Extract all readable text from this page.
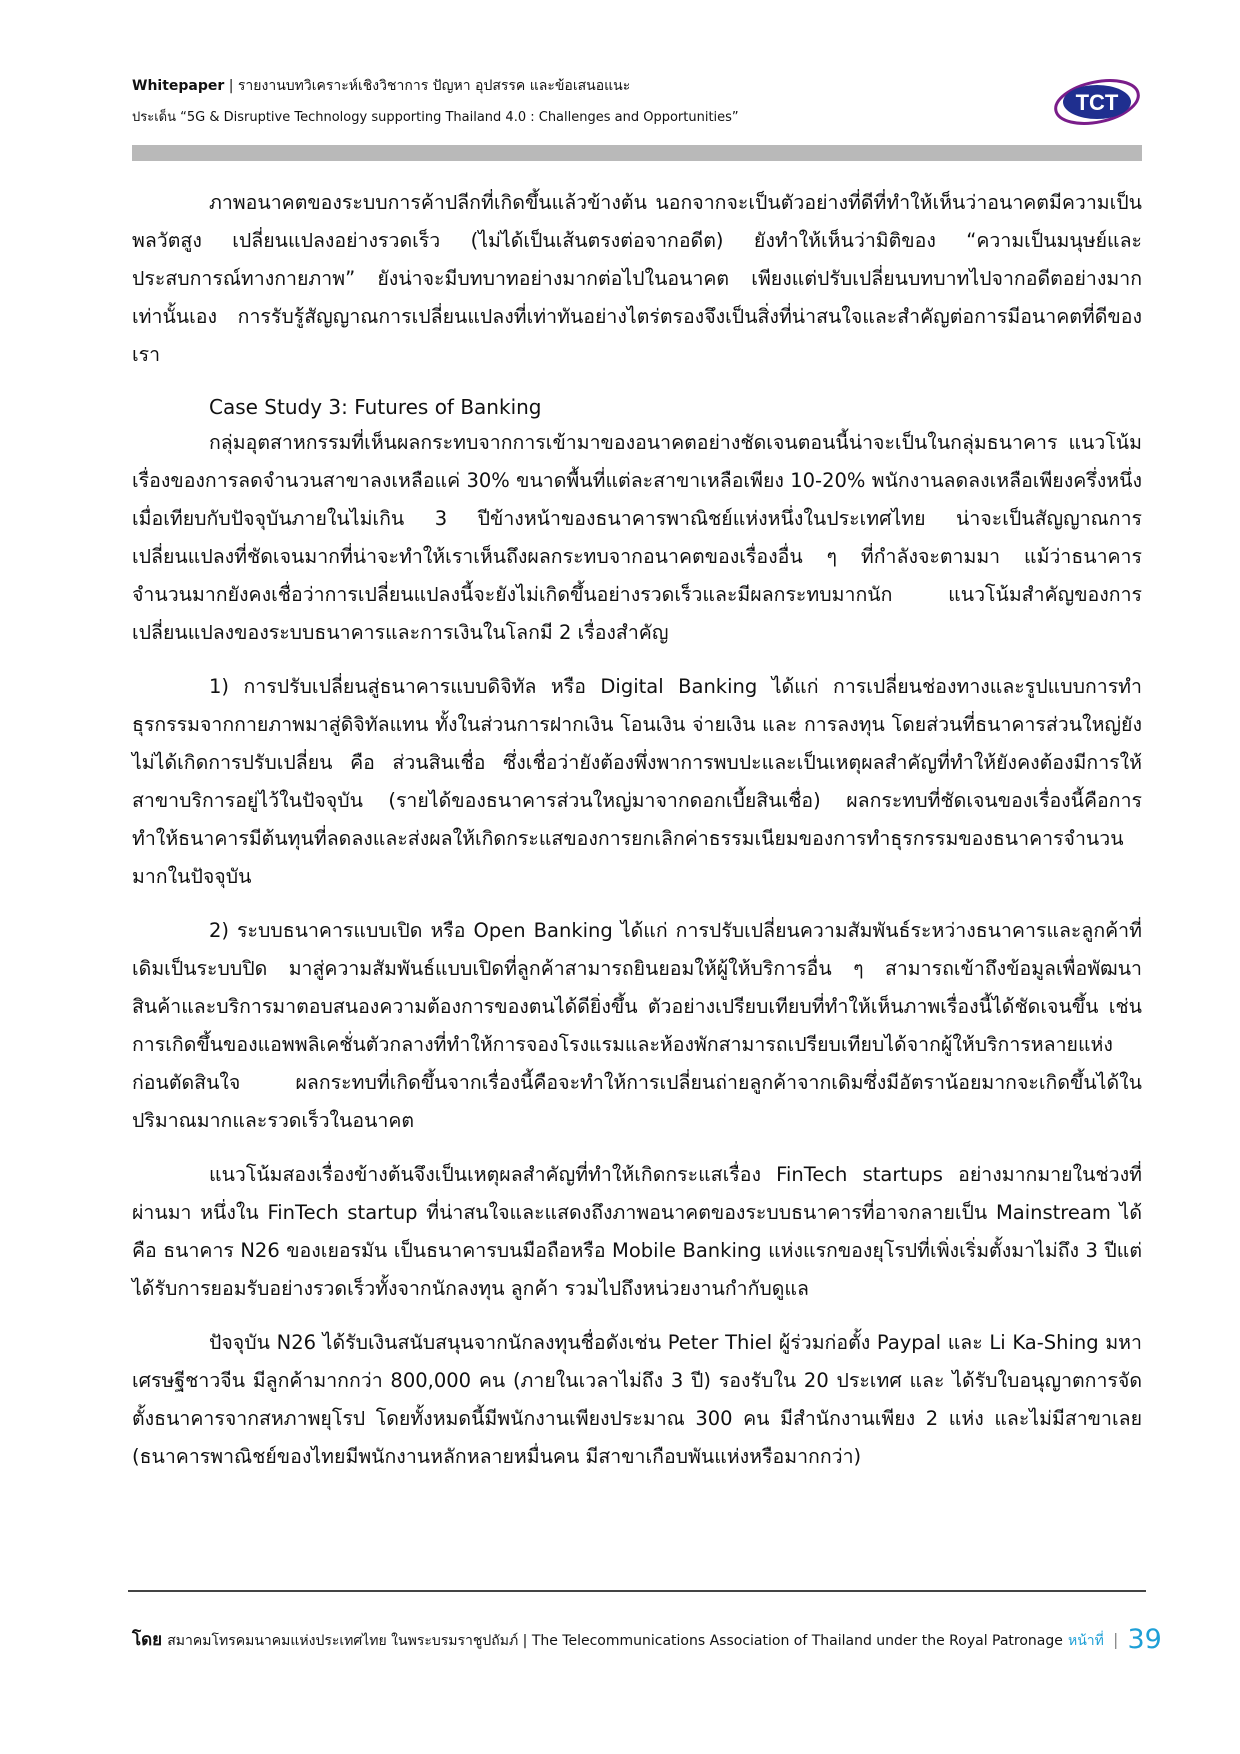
Whitepaper | รายงานบทวิเคราะห์เชิงวิชาการ ปัญหา อุปสรรค และข้อเสนอแนะ
ประเด็น “5G & Disruptive Technology supporting Thailand 4.0 : Challenges and Opportunities”
TCT

ภาพอนาคตของระบบการค้าปลีกที่เกิดขึ้นแล้วข้างต้น นอกจากจะเป็นตัวอย่างที่ดีที่ทำให้เห็นว่าอนาคตมีความเป็นพลวัตสูง เปลี่ยนแปลงอย่างรวดเร็ว (ไม่ได้เป็นเส้นตรงต่อจากอดีต) ยังทำให้เห็นว่ามิติของ “ความเป็นมนุษย์และประสบการณ์ทางกายภาพ” ยังน่าจะมีบทบาทอย่างมากต่อไปในอนาคต เพียงแต่ปรับเปลี่ยนบทบาทไปจากอดีตอย่างมากเท่านั้นเอง การรับรู้สัญญาณการเปลี่ยนแปลงที่เท่าทันอย่างไตร่ตรองจึงเป็นสิ่งที่น่าสนใจและสำคัญต่อการมีอนาคตที่ดีของเรา

Case Study 3: Futures of Banking

กลุ่มอุตสาหกรรมที่เห็นผลกระทบจากการเข้ามาของอนาคตอย่างชัดเจนตอนนี้น่าจะเป็นในกลุ่มธนาคาร แนวโน้มเรื่องของการลดจำนวนสาขาลงเหลือแค่ 30% ขนาดพื้นที่แต่ละสาขาเหลือเพียง 10-20% พนักงานลดลงเหลือเพียงครึ่งหนึ่ง เมื่อเทียบกับปัจจุบันภายในไม่เกิน 3 ปีข้างหน้าของธนาคารพาณิชย์แห่งหนึ่งในประเทศไทย น่าจะเป็นสัญญาณการเปลี่ยนแปลงที่ชัดเจนมากที่น่าจะทำให้เราเห็นถึงผลกระทบจากอนาคตของเรื่องอื่น ๆ ที่กำลังจะตามมา แม้ว่าธนาคารจำนวนมากยังคงเชื่อว่าการเปลี่ยนแปลงนี้จะยังไม่เกิดขึ้นอย่างรวดเร็วและมีผลกระทบมากนัก แนวโน้มสำคัญของการเปลี่ยนแปลงของระบบธนาคารและการเงินในโลกมี 2 เรื่องสำคัญ

1) การปรับเปลี่ยนสู่ธนาคารแบบดิจิทัล หรือ Digital Banking ได้แก่ การเปลี่ยนช่องทางและรูปแบบการทำธุรกรรมจากกายภาพมาสู่ดิจิทัลแทน ทั้งในส่วนการฝากเงิน โอนเงิน จ่ายเงิน และ การลงทุน โดยส่วนที่ธนาคารส่วนใหญ่ยังไม่ได้เกิดการปรับเปลี่ยน คือ ส่วนสินเชื่อ ซึ่งเชื่อว่ายังต้องพึ่งพาการพบปะและเป็นเหตุผลสำคัญที่ทำให้ยังคงต้องมีการให้สาขาบริการอยู่ไว้ในปัจจุบัน (รายได้ของธนาคารส่วนใหญ่มาจากดอกเบี้ยสินเชื่อ) ผลกระทบที่ชัดเจนของเรื่องนี้คือการทำให้ธนาคารมีต้นทุนที่ลดลงและส่งผลให้เกิดกระแสของการยกเลิกค่าธรรมเนียมของการทำธุรกรรมของธนาคารจำนวนมากในปัจจุบัน

2) ระบบธนาคารแบบเปิด หรือ Open Banking ได้แก่ การปรับเปลี่ยนความสัมพันธ์ระหว่างธนาคารและลูกค้าที่เดิมเป็นระบบปิด มาสู่ความสัมพันธ์แบบเปิดที่ลูกค้าสามารถยินยอมให้ผู้ให้บริการอื่น ๆ สามารถเข้าถึงข้อมูลเพื่อพัฒนาสินค้าและบริการมาตอบสนองความต้องการของตนได้ดียิ่งขึ้น ตัวอย่างเปรียบเทียบที่ทำให้เห็นภาพเรื่องนี้ได้ชัดเจนขึ้น เช่น การเกิดขึ้นของแอพพลิเคชั่นตัวกลางที่ทำให้การจองโรงแรมและห้องพักสามารถเปรียบเทียบได้จากผู้ให้บริการหลายแห่งก่อนตัดสินใจ ผลกระทบที่เกิดขึ้นจากเรื่องนี้คือจะทำให้การเปลี่ยนถ่ายลูกค้าจากเดิมซึ่งมีอัตราน้อยมากจะเกิดขึ้นได้ในปริมาณมากและรวดเร็วในอนาคต

แนวโน้มสองเรื่องข้างต้นจึงเป็นเหตุผลสำคัญที่ทำให้เกิดกระแสเรื่อง FinTech startups อย่างมากมายในช่วงที่ผ่านมา หนึ่งใน FinTech startup ที่น่าสนใจและแสดงถึงภาพอนาคตของระบบธนาคารที่อาจกลายเป็น Mainstream ได้คือ ธนาคาร N26 ของเยอรมัน เป็นธนาคารบนมือถือหรือ Mobile Banking แห่งแรกของยุโรปที่เพิ่งเริ่มตั้งมาไม่ถึง 3 ปีแต่ได้รับการยอมรับอย่างรวดเร็วทั้งจากนักลงทุน ลูกค้า รวมไปถึงหน่วยงานกำกับดูแล

ปัจจุบัน N26 ได้รับเงินสนับสนุนจากนักลงทุนชื่อดังเช่น Peter Thiel ผู้ร่วมก่อตั้ง Paypal และ Li Ka-Shing มหาเศรษฐีชาวจีน มีลูกค้ามากกว่า 800,000 คน (ภายในเวลาไม่ถึง 3 ปี) รองรับใน 20 ประเทศ และ ได้รับใบอนุญาตการจัดตั้งธนาคารจากสหภาพยุโรป โดยทั้งหมดนี้มีพนักงานเพียงประมาณ 300 คน มีสำนักงานเพียง 2 แห่ง และไม่มีสาขาเลย (ธนาคารพาณิชย์ของไทยมีพนักงานหลักหลายหมื่นคน มีสาขาเกือบพันแห่งหรือมากกว่า)

โดย สมาคมโทรคมนาคมแห่งประเทศไทย ในพระบรมราชูปถัมภ์ | The Telecommunications Association of Thailand under the Royal Patronage หน้าที่ | 39
